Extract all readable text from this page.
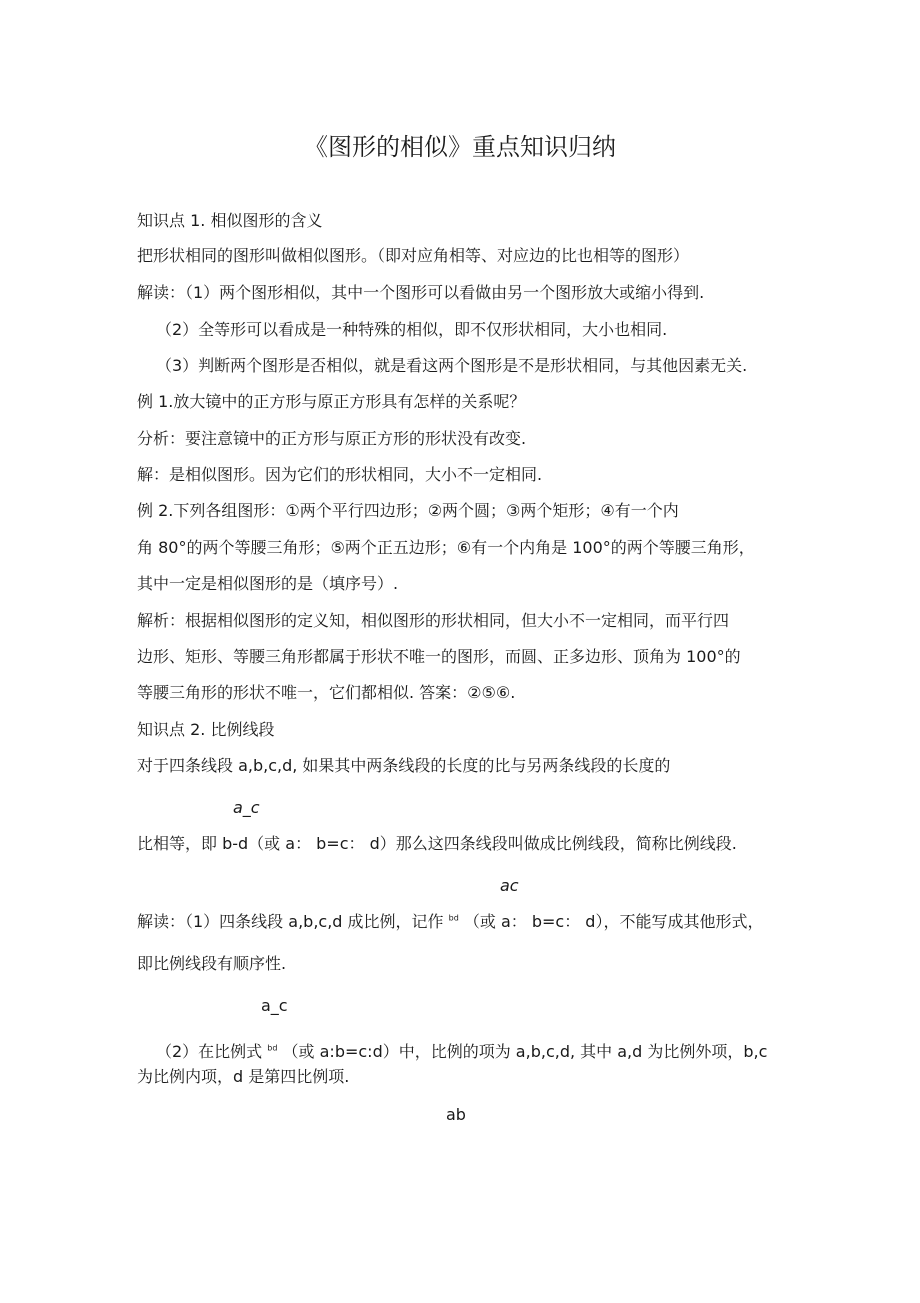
《图形的相似》重点知识归纳
知识点 1. 相似图形的含义
把形状相同的图形叫做相似图形。（即对应角相等、对应边的比也相等的图形）
解读：（1）两个图形相似，其中一个图形可以看做由另一个图形放大或缩小得到.
（2）全等形可以看成是一种特殊的相似，即不仅形状相同，大小也相同.
（3）判断两个图形是否相似，就是看这两个图形是不是形状相同，与其他因素无关.
例 1.放大镜中的正方形与原正方形具有怎样的关系呢？
分析：要注意镜中的正方形与原正方形的形状没有改变.
解：是相似图形。因为它们的形状相同，大小不一定相同.
例 2.下列各组图形：①两个平行四边形；②两个圆；③两个矩形；④有一个内
角 80°的两个等腰三角形；⑤两个正五边形；⑥有一个内角是 100°的两个等腰三角形，
其中一定是相似图形的是（填序号）.
解析：根据相似图形的定义知，相似图形的形状相同，但大小不一定相同，而平行四
边形、矩形、等腰三角形都属于形状不唯一的图形，而圆、正多边形、顶角为 100°的
等腰三角形的形状不唯一，它们都相似. 答案：②⑤⑥.
知识点 2. 比例线段
对于四条线段 a,b,c,d, 如果其中两条线段的长度的比与另两条线段的长度的
a_c
比相等，即 b-d（或 a： b=c： d）那么这四条线段叫做成比例线段，简称比例线段.
ac
解读：（1）四条线段 a,b,c,d 成比例，记作 $^{bd}$ （或 a： b=c： d），不能写成其他形式，
即比例线段有顺序性.
a_c
（2）在比例式 $^{bd}$ （或 a:b=c:d）中，比例的项为 a,b,c,d, 其中 a,d 为比例外项，b,c
为比例内项，d 是第四比例项.
ab
